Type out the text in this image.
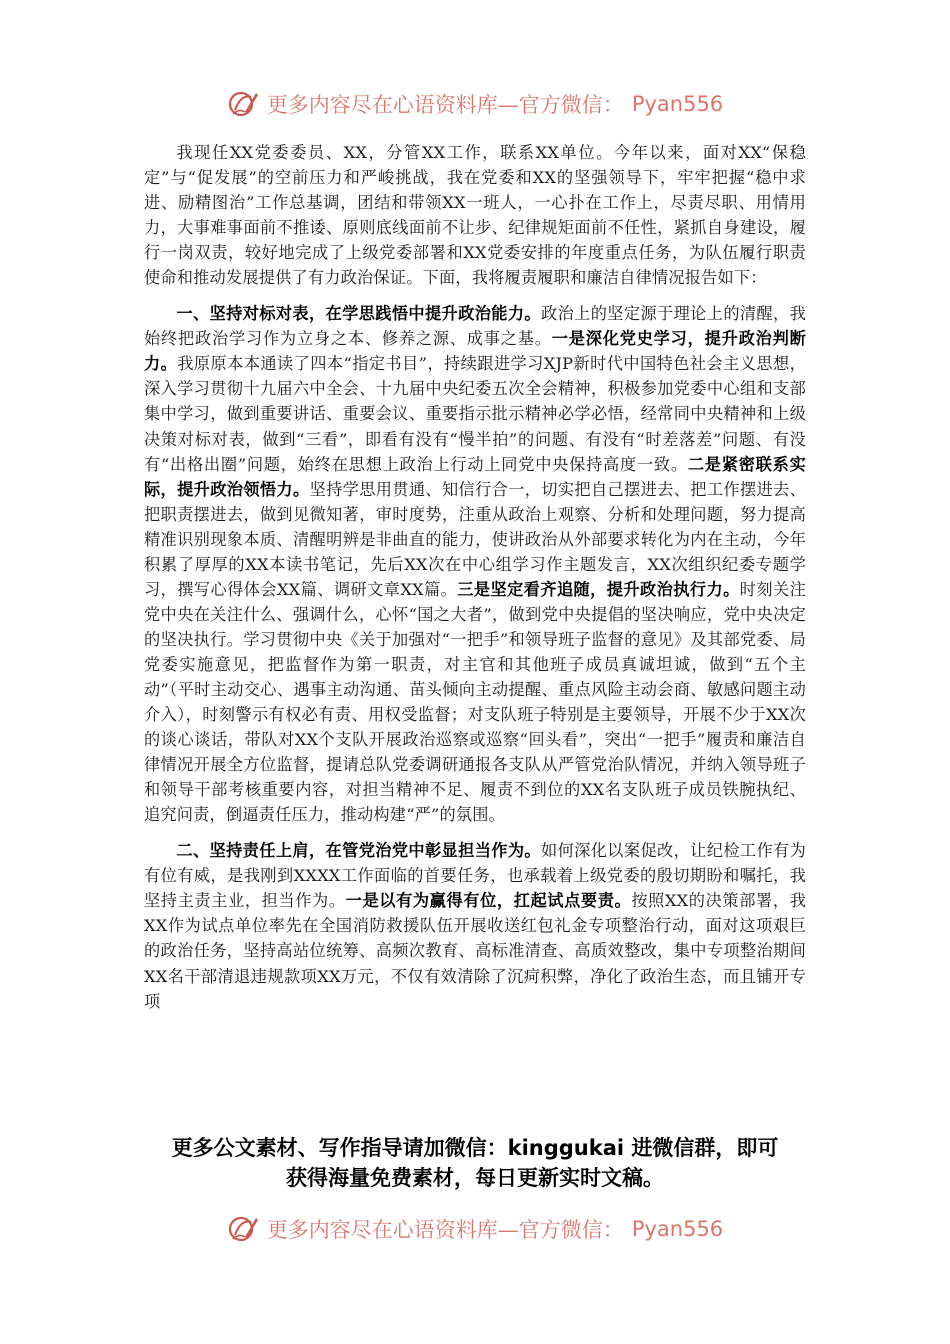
更多内容尽在心语资料库—官方微信： Pyan556

我现任XX党委委员、XX，分管XX工作，联系XX单位。今年以来，面对XX“保稳定”与“促发展”的空前压力和严峻挑战，我在党委和XX的坚强领导下，牢牢把握“稳中求进、励精图治”工作总基调，团结和带领XX一班人，一心扑在工作上，尽责尽职、用情用力，大事难事面前不推诿、原则底线面前不让步、纪律规矩面前不任性，紧抓自身建设，履行一岗双责，较好地完成了上级党委部署和XX党委安排的年度重点任务，为队伍履行职责使命和推动发展提供了有力政治保证。下面，我将履责履职和廉洁自律情况报告如下：

一、坚持对标对表，在学思践悟中提升政治能力。政治上的坚定源于理论上的清醒，我始终把政治学习作为立身之本、修养之源、成事之基。一是深化党史学习，提升政治判断力。我原原本本通读了四本“指定书目”，持续跟进学习XJP新时代中国特色社会主义思想，深入学习贯彻十九届六中全会、十九届中央纪委五次全会精神，积极参加党委中心组和支部集中学习，做到重要讲话、重要会议、重要指示批示精神必学必悟，经常同中央精神和上级决策对标对表，做到“三看”，即看有没有“慢半拍”的问题、有没有“时差落差”问题、有没有“出格出圈”问题，始终在思想上政治上行动上同党中央保持高度一致。二是紧密联系实际，提升政治领悟力。坚持学思用贯通、知信行合一，切实把自己摆进去、把工作摆进去、把职责摆进去，做到见微知著，审时度势，注重从政治上观察、分析和处理问题，努力提高精准识别现象本质、清醒明辨是非曲直的能力，使讲政治从外部要求转化为内在主动，今年积累了厚厚的XX本读书笔记，先后XX次在中心组学习作主题发言，XX次组织纪委专题学习，撰写心得体会XX篇、调研文章XX篇。三是坚定看齐追随，提升政治执行力。时刻关注党中央在关注什么、强调什么，心怀“国之大者”，做到党中央提倡的坚决响应，党中央决定的坚决执行。学习贯彻中央《关于加强对“一把手”和领导班子监督的意见》及其部党委、局党委实施意见，把监督作为第一职责，对主官和其他班子成员真诚坦诚，做到“五个主动”（平时主动交心、遇事主动沟通、苗头倾向主动提醒、重点风险主动会商、敏感问题主动介入），时刻警示有权必有责、用权受监督；对支队班子特别是主要领导，开展不少于XX次的谈心谈话，带队对XX个支队开展政治巡察或巡察“回头看”，突出“一把手”履责和廉洁自律情况开展全方位监督，提请总队党委调研通报各支队从严管党治队情况，并纳入领导班子和领导干部考核重要内容，对担当精神不足、履责不到位的XX名支队班子成员铁腕执纪、追究问责，倒逼责任压力，推动构建“严”的氛围。

二、坚持责任上肩，在管党治党中彰显担当作为。如何深化以案促改，让纪检工作有为有位有威，是我刚到XXXX工作面临的首要任务，也承载着上级党委的殷切期盼和嘱托，我坚持主责主业，担当作为。一是以有为赢得有位，扛起试点要责。按照XX的决策部署，我XX作为试点单位率先在全国消防救援队伍开展收送红包礼金专项整治行动，面对这项艰巨的政治任务，坚持高站位统筹、高频次教育、高标准清查、高质效整改，集中专项整治期间XX名干部清退违规款项XX万元，不仅有效清除了沉疴积弊，净化了政治生态，而且铺开专项

更多公文素材、写作指导请加微信：kinggukai 进微信群，即可
获得海量免费素材，每日更新实时文稿。
更多内容尽在心语资料库—官方微信： Pyan556
